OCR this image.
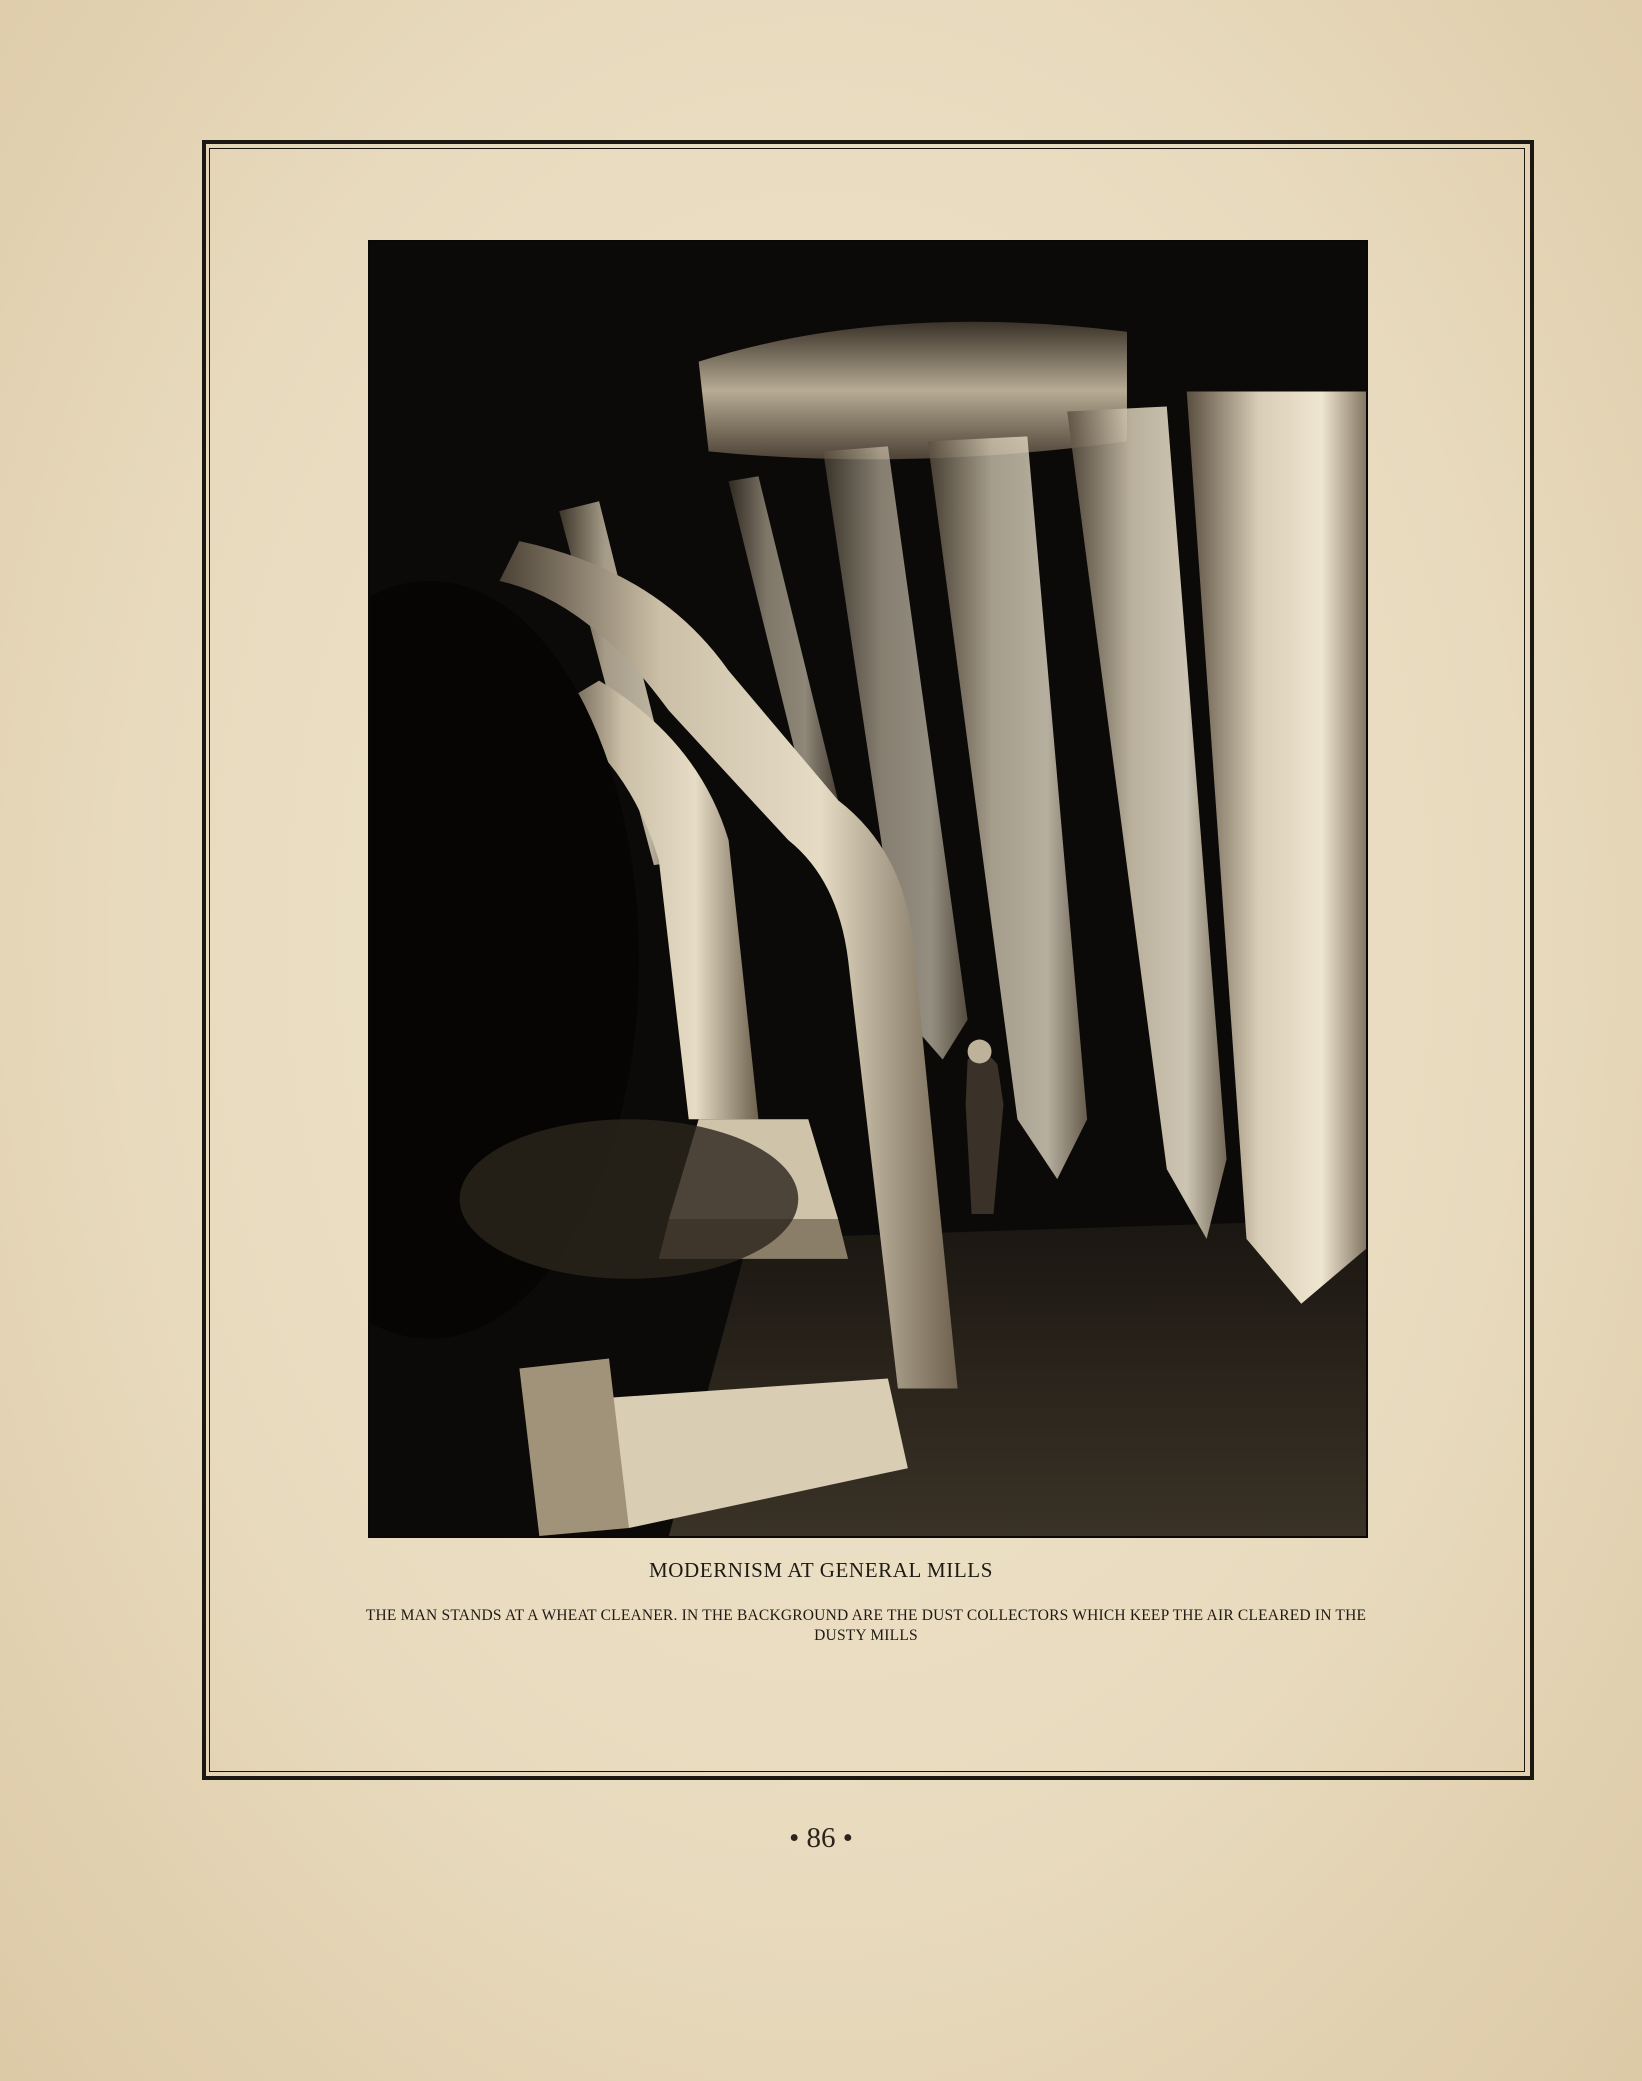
MODERNISM AT GENERAL MILLS
THE MAN STANDS AT A WHEAT CLEANER. IN THE BACKGROUND ARE THE DUST COLLECTORS WHICH KEEP THE AIR CLEARED IN THE DUSTY MILLS
• 86 •
